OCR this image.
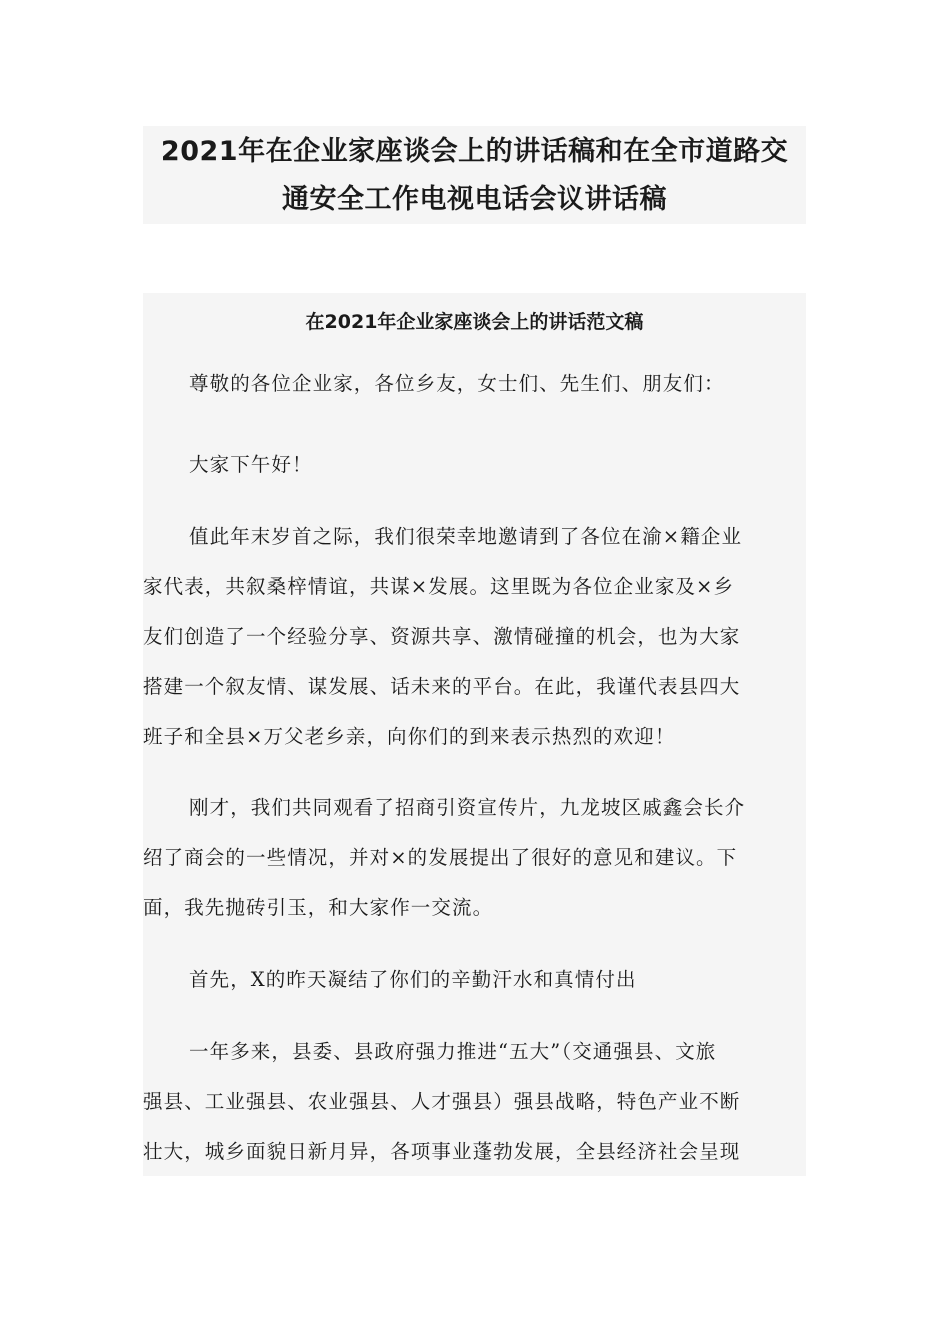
2021年在企业家座谈会上的讲话稿和在全市道路交
通安全工作电视电话会议讲话稿
在2021年企业家座谈会上的讲话范文稿
尊敬的各位企业家，各位乡友，女士们、先生们、朋友们：
大家下午好！
值此年末岁首之际，我们很荣幸地邀请到了各位在渝×籍企业
家代表，共叙桑梓情谊，共谋×发展。这里既为各位企业家及×乡
友们创造了一个经验分享、资源共享、激情碰撞的机会，也为大家
搭建一个叙友情、谋发展、话未来的平台。在此，我谨代表县四大
班子和全县×万父老乡亲，向你们的到来表示热烈的欢迎！
刚才，我们共同观看了招商引资宣传片，九龙坡区戚鑫会长介
绍了商会的一些情况，并对×的发展提出了很好的意见和建议。下
面，我先抛砖引玉，和大家作一交流。
首先，X的昨天凝结了你们的辛勤汗水和真情付出
一年多来，县委、县政府强力推进“五大”（交通强县、文旅
强县、工业强县、农业强县、人才强县）强县战略，特色产业不断
壮大，城乡面貌日新月异，各项事业蓬勃发展，全县经济社会呈现
